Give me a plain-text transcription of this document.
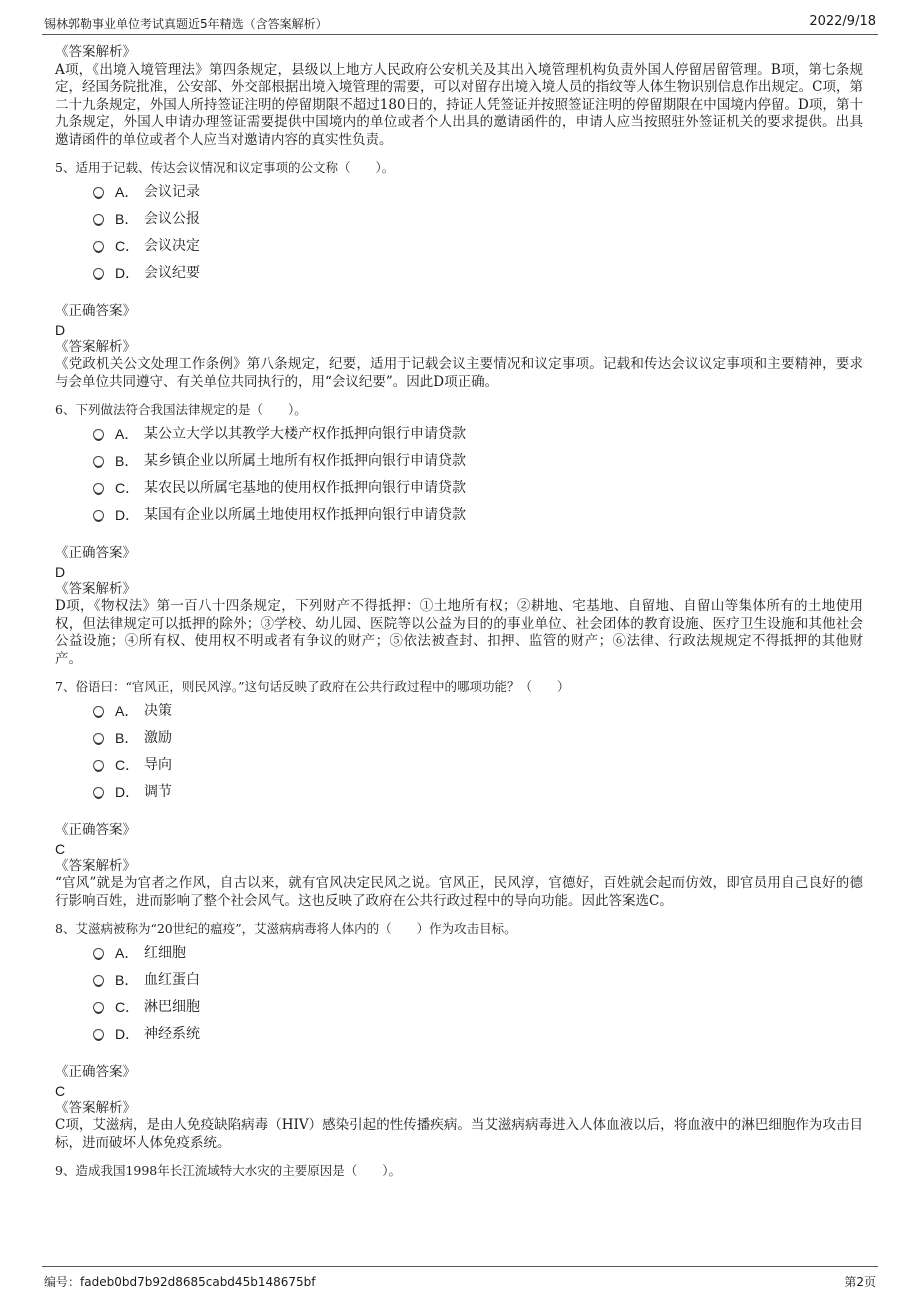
锡林郭勒事业单位考试真题近5年精选（含答案解析）	2022/9/18
《答案解析》
A项，《出境入境管理法》第四条规定，县级以上地方人民政府公安机关及其出入境管理机构负责外国人停留居留管理。B项，第七条规定，经国务院批准，公安部、外交部根据出境入境管理的需要，可以对留存出境入境人员的指纹等人体生物识别信息作出规定。C项，第二十九条规定，外国人所持签证注明的停留期限不超过180日的，持证人凭签证并按照签证注明的停留期限在中国境内停留。D项，第十九条规定，外国人申请办理签证需要提供中国境内的单位或者个人出具的邀请函件的，申请人应当按照驻外签证机关的要求提供。出具邀请函件的单位或者个人应当对邀请内容的真实性负责。
5、适用于记载、传达会议情况和议定事项的公文称（　　）。
A． 会议记录
B． 会议公报
C． 会议决定
D． 会议纪要
《正确答案》
D
《答案解析》
《党政机关公文处理工作条例》第八条规定，纪要，适用于记载会议主要情况和议定事项。记载和传达会议议定事项和主要精神，要求与会单位共同遵守、有关单位共同执行的，用“会议纪要”。因此D项正确。
6、下列做法符合我国法律规定的是（　　）。
A． 某公立大学以其教学大楼产权作抵押向银行申请贷款
B． 某乡镇企业以所属土地所有权作抵押向银行申请贷款
C． 某农民以所属宅基地的使用权作抵押向银行申请贷款
D． 某国有企业以所属土地使用权作抵押向银行申请贷款
《正确答案》
D
《答案解析》
D项，《物权法》第一百八十四条规定，下列财产不得抵押：①土地所有权；②耕地、宅基地、自留地、自留山等集体所有的土地使用权，但法律规定可以抵押的除外；③学校、幼儿园、医院等以公益为目的的事业单位、社会团体的教育设施、医疗卫生设施和其他社会公益设施；④所有权、使用权不明或者有争议的财产；⑤依法被查封、扣押、监管的财产；⑥法律、行政法规规定不得抵押的其他财产。
7、俗语曰：“官风正，则民风淳。”这句话反映了政府在公共行政过程中的哪项功能？（　　）
A． 决策
B． 激励
C． 导向
D． 调节
《正确答案》
C
《答案解析》
“官风”就是为官者之作风，自古以来，就有官风决定民风之说。官风正，民风淳，官德好，百姓就会起而仿效，即官员用自己良好的德行影响百姓，进而影响了整个社会风气。这也反映了政府在公共行政过程中的导向功能。因此答案选C。
8、艾滋病被称为“20世纪的瘟疫”，艾滋病病毒将人体内的（　　）作为攻击目标。
A． 红细胞
B． 血红蛋白
C． 淋巴细胞
D． 神经系统
《正确答案》
C
《答案解析》
C项，艾滋病，是由人免疫缺陷病毒（HIV）感染引起的性传播疾病。当艾滋病病毒进入人体血液以后，将血液中的淋巴细胞作为攻击目标，进而破坏人体免疫系统。
9、造成我国1998年长江流域特大水灾的主要原因是（　　）。
编号：fadeb0bd7b92d8685cabd45b148675bf	第2页
